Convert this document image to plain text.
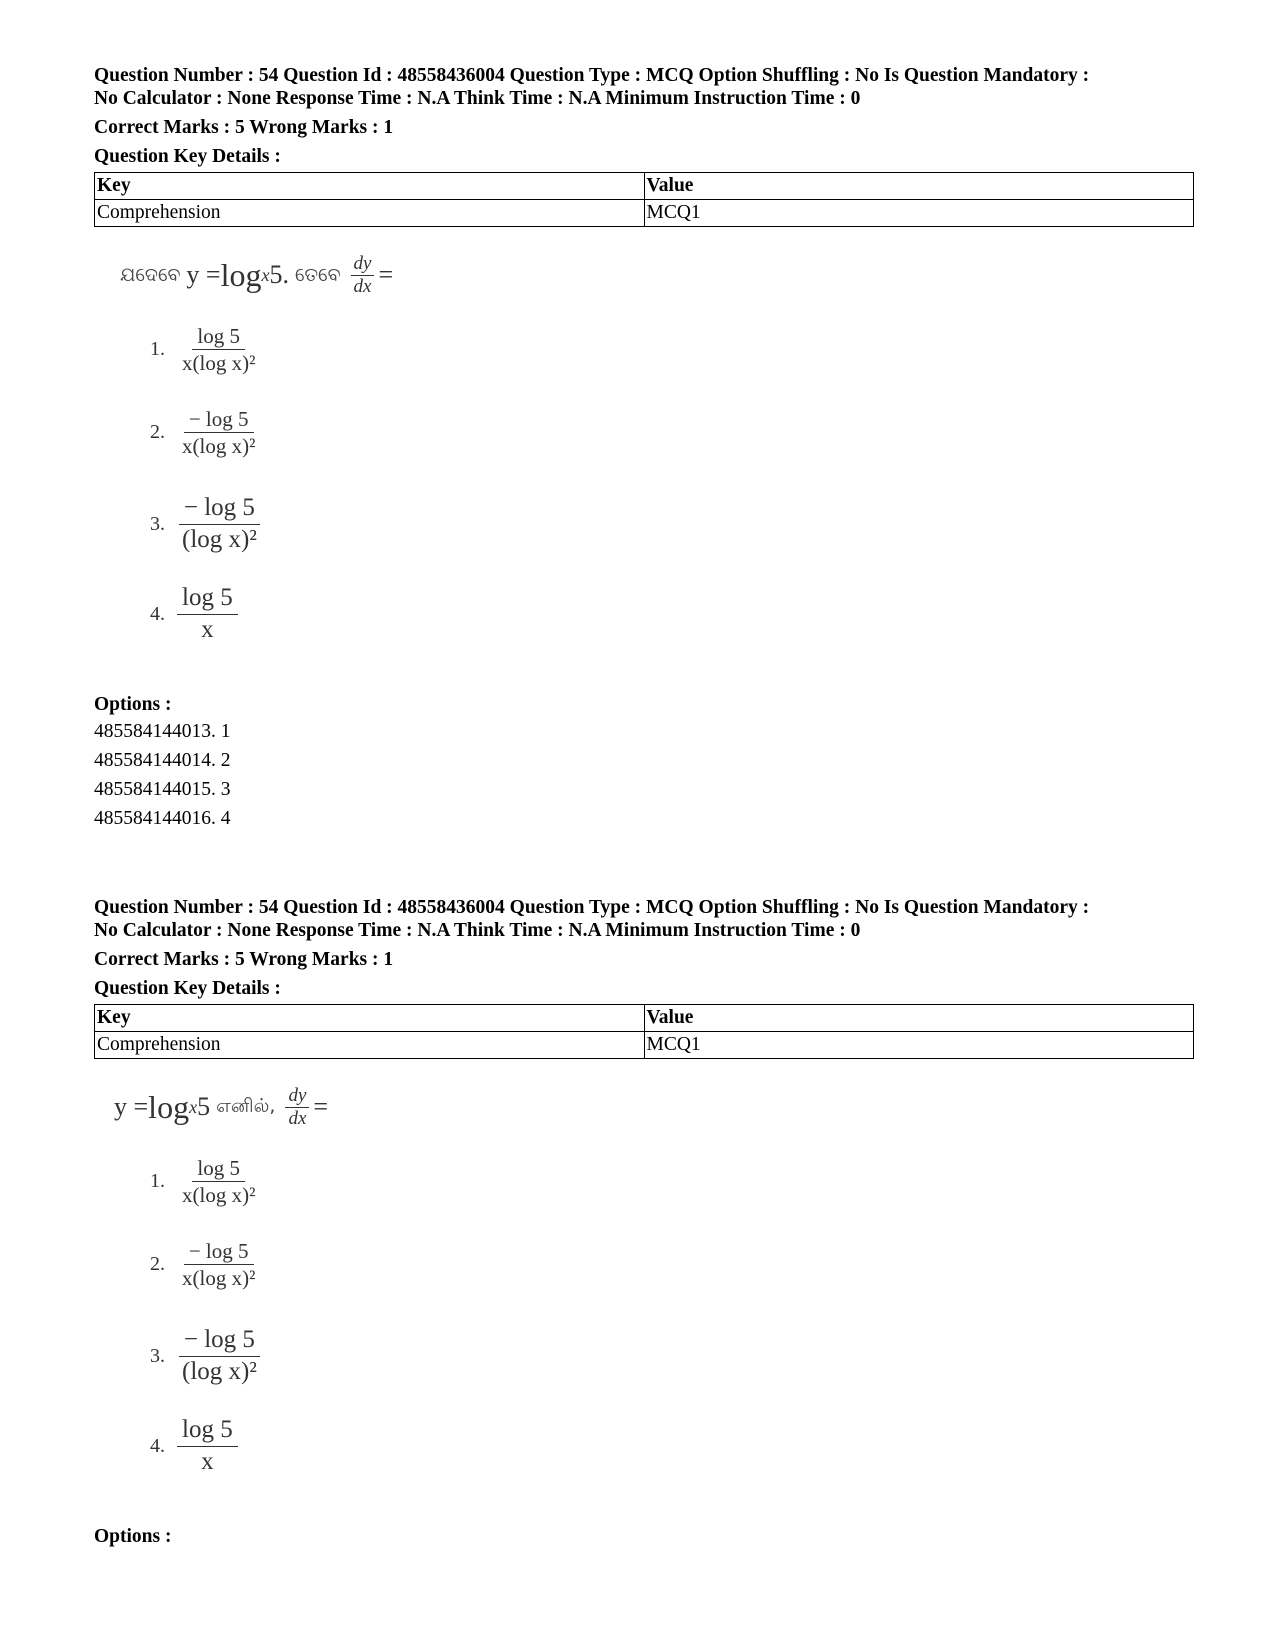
Question Number : 54 Question Id : 48558436004 Question Type : MCQ Option Shuffling : No Is Question Mandatory :

No Calculator : None Response Time : N.A Think Time : N.A Minimum Instruction Time : 0

Correct Marks : 5 Wrong Marks : 1
Question Key Details :
Key	Value
Comprehension	MCQ1
ଯଦେବେ y = log x 5. ତେବେ $\frac{dy}{dx}$ =
1. $\frac{\log 5}{\text{x(log x)²}}$
2. $\frac{- \log 5}{\text{x(log x)²}}$
3. $\frac{- \log 5}{\text{(log x)²}}$
4. $\frac{\log 5}{x}$

Options :

485584144013. 1

485584144014. 2

485584144015. 3

485584144016. 4

Question Number : 54 Question Id : 48558436004 Question Type : MCQ Option Shuffling : No Is Question Mandatory :

No Calculator : None Response Time : N.A Think Time : N.A Minimum Instruction Time : 0

Correct Marks : 5 Wrong Marks : 1
Question Key Details :
Key	Value
Comprehension	MCQ1
y = log x 5 எனில், $\frac{dy}{dx}$ =
1. $\frac{\log 5}{\text{x(log x)²}}$
2. $\frac{- \log 5}{\text{x(log x)²}}$
3. $\frac{- \log 5}{\text{(log x)²}}$
4. $\frac{\log 5}{x}$

Options :
